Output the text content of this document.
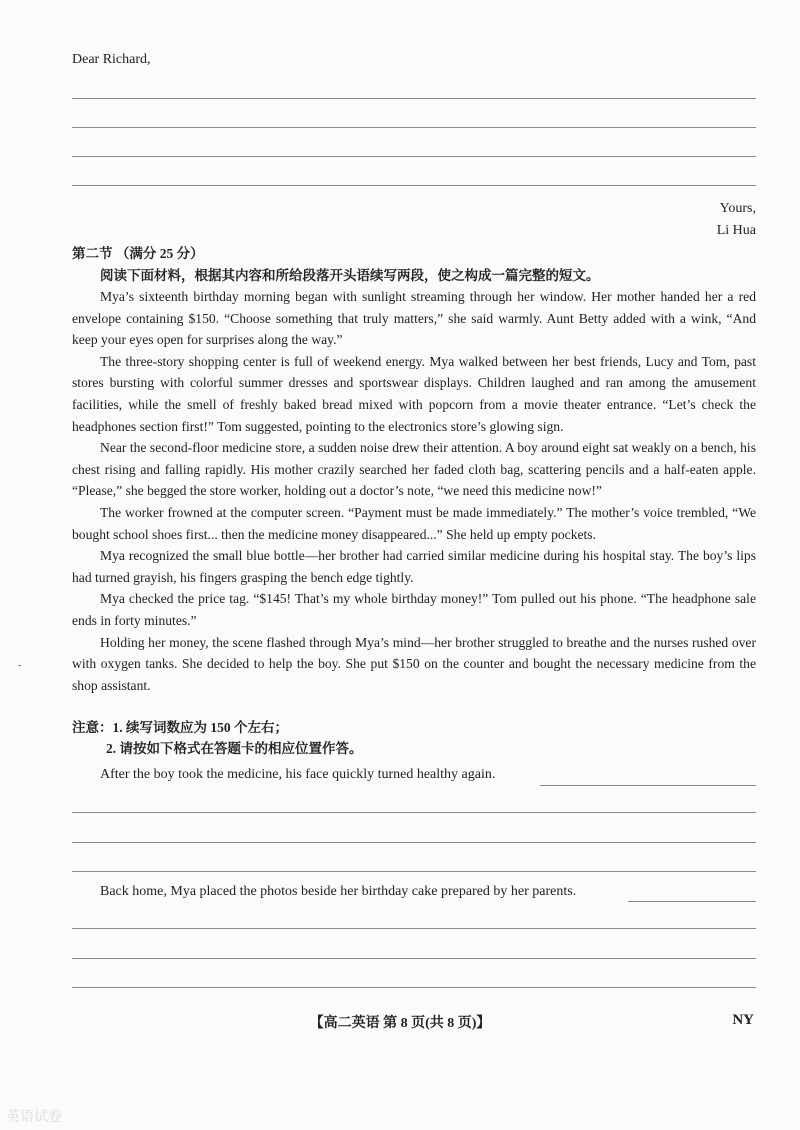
Dear Richard,
Yours,
Li Hua
第二节 （满分 25 分）
阅读下面材料，根据其内容和所给段落开头语续写两段，使之构成一篇完整的短文。

Mya’s sixteenth birthday morning began with sunlight streaming through her window. Her mother handed her a red envelope containing $150. “Choose something that truly matters,” she said warmly. Aunt Betty added with a wink, “And keep your eyes open for surprises along the way.”

The three-story shopping center is full of weekend energy. Mya walked between her best friends, Lucy and Tom, past stores bursting with colorful summer dresses and sportswear displays. Children laughed and ran among the amusement facilities, while the smell of freshly baked bread mixed with popcorn from a movie theater entrance. “Let’s check the headphones section first!” Tom suggested, pointing to the electronics store’s glowing sign.

Near the second-floor medicine store, a sudden noise drew their attention. A boy around eight sat weakly on a bench, his chest rising and falling rapidly. His mother crazily searched her faded cloth bag, scattering pencils and a half-eaten apple. “Please,” she begged the store worker, holding out a doctor’s note, “we need this medicine now!”

The worker frowned at the computer screen. “Payment must be made immediately.” The mother’s voice trembled, “We bought school shoes first... then the medicine money disappeared...” She held up empty pockets.

Mya recognized the small blue bottle—her brother had carried similar medicine during his hospital stay. The boy’s lips had turned grayish, his fingers grasping the bench edge tightly.

Mya checked the price tag. “$145! That’s my whole birthday money!” Tom pulled out his phone. “The headphone sale ends in forty minutes.”

Holding her money, the scene flashed through Mya’s mind—her brother struggled to breathe and the nurses rushed over with oxygen tanks. She decided to help the boy. She put $150 on the counter and bought the necessary medicine from the shop assistant.

注意：1. 续写词数应为 150 个左右；
2. 请按如下格式在答题卡的相应位置作答。
After the boy took the medicine, his face quickly turned healthy again.
Back home, Mya placed the photos beside her birthday cake prepared by her parents.
【高二英语 第 8 页(共 8 页)】	NY
-
英语试卷
